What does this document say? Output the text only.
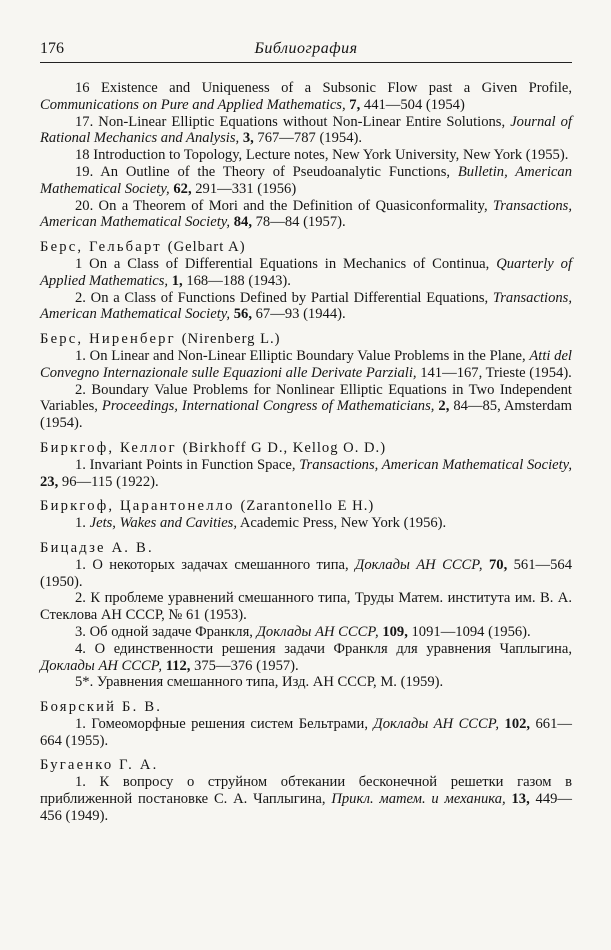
176	Библиография
16 Existence and Uniqueness of a Subsonic Flow past a Given Profile, Communications on Pure and Applied Mathematics, 7, 441—504 (1954)
17. Non-Linear Elliptic Equations without Non-Linear Entire Solutions, Journal of Rational Mechanics and Analysis, 3, 767—787 (1954).
18 Introduction to Topology, Lecture notes, New York University, New York (1955).
19. An Outline of the Theory of Pseudoanalytic Functions, Bulletin, American Mathematical Society, 62, 291—331 (1956)
20. On a Theorem of Mori and the Definition of Quasiconformality, Transactions, American Mathematical Society, 84, 78—84 (1957).
Берс, Гельбарт (Gelbart A)
1 On a Class of Differential Equations in Mechanics of Continua, Quarterly of Applied Mathematics, 1, 168—188 (1943).
2. On a Class of Functions Defined by Partial Differential Equations, Transactions, American Mathematical Society, 56, 67—93 (1944).
Берс, Ниренберг (Nirenberg L.)
1. On Linear and Non-Linear Elliptic Boundary Value Problems in the Plane, Atti del Convegno Internazionale sulle Equazioni alle Derivate Parziali, 141—167, Trieste (1954).
2. Boundary Value Problems for Nonlinear Elliptic Equations in Two Independent Variables, Proceedings, International Congress of Mathematicians, 2, 84—85, Amsterdam (1954).
Биркгоф, Келлог (Birkhoff G D., Kellog O. D.)
1. Invariant Points in Function Space, Transactions, American Mathematical Society, 23, 96—115 (1922).
Биркгоф, Царантонелло (Zarantonello E H.)
1. Jets, Wakes and Cavities, Academic Press, New York (1956).
Бицадзе А. В.
1. О некоторых задачах смешанного типа, Доклады АН СССР, 70, 561—564 (1950).
2. К проблеме уравнений смешанного типа, Труды Матем. института им. В. А. Стеклова АН СССР, № 61 (1953).
3. Об одной задаче Франкля, Доклады АН СССР, 109, 1091—1094 (1956).
4. О единственности решения задачи Франкля для уравнения Чаплыгина, Доклады АН СССР, 112, 375—376 (1957).
5*. Уравнения смешанного типа, Изд. АН СССР, М. (1959).
Боярский Б. В.
1. Гомеоморфные решения систем Бельтрами, Доклады АН СССР, 102, 661—664 (1955).
Бугаенко Г. А.
1. К вопросу о струйном обтекании бесконечной решетки газом в приближенной постановке С. А. Чаплыгина, Прикл. матем. и механика, 13, 449—456 (1949).
